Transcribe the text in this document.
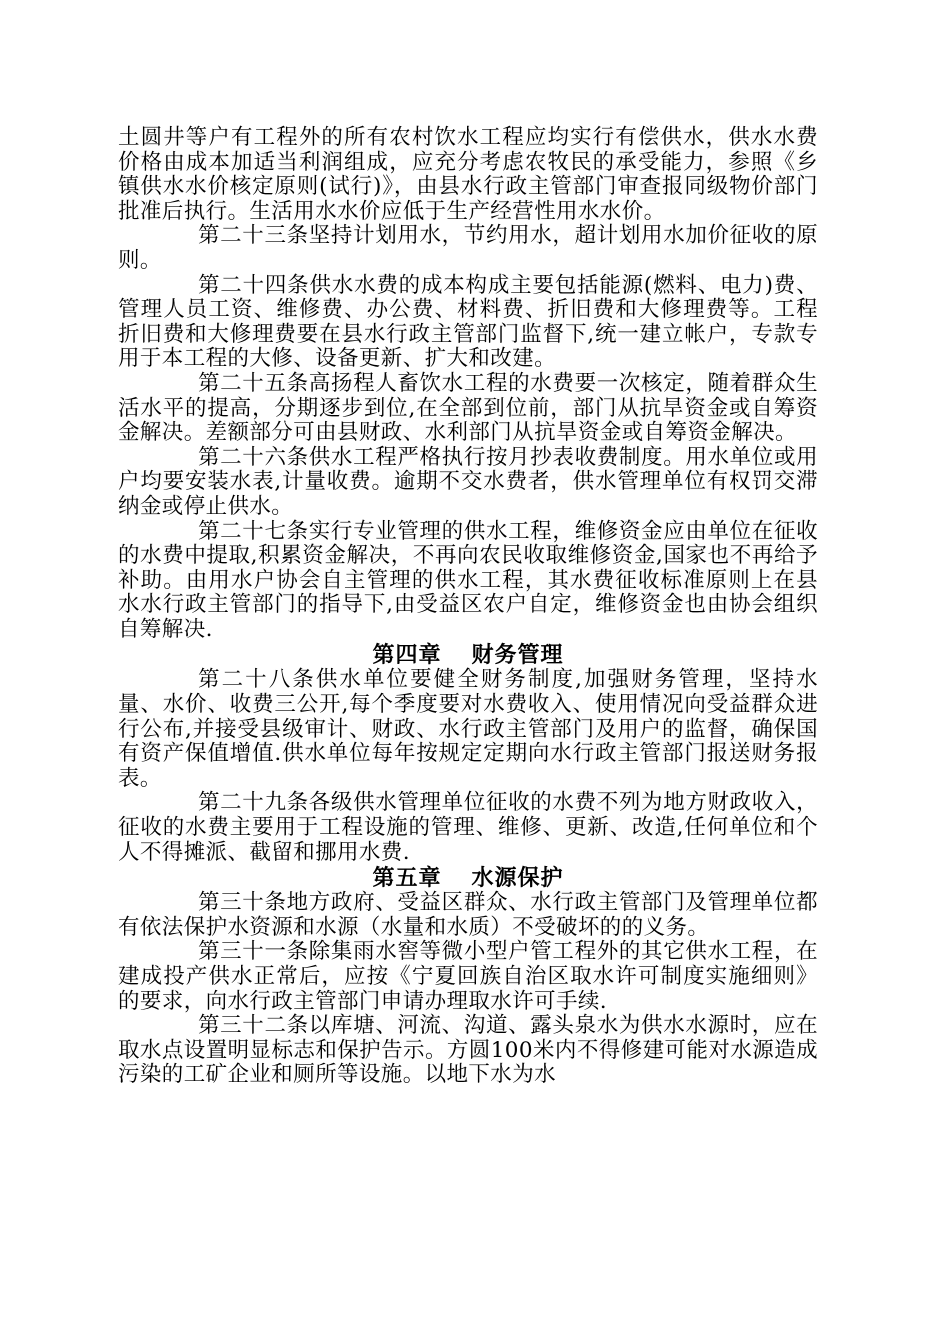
土圆井等户有工程外的所有农村饮水工程应均实行有偿供水，供水水费价格由成本加适当利润组成，应充分考虑农牧民的承受能力，参照《乡镇供水水价核定原则(试行)》，由县水行政主管部门审查报同级物价部门批准后执行。生活用水水价应低于生产经营性用水水价。

第二十三条坚持计划用水，节约用水，超计划用水加价征收的原则。

第二十四条供水水费的成本构成主要包括能源(燃料、电力)费、管理人员工资、维修费、办公费、材料费、折旧费和大修理费等。工程折旧费和大修理费要在县水行政主管部门监督下,统一建立帐户，专款专用于本工程的大修、设备更新、扩大和改建。

第二十五条高扬程人畜饮水工程的水费要一次核定，随着群众生活水平的提高，分期逐步到位,在全部到位前，部门从抗旱资金或自筹资金解决。差额部分可由县财政、水利部门从抗旱资金或自筹资金解决。

第二十六条供水工程严格执行按月抄表收费制度。用水单位或用户均要安装水表,计量收费。逾期不交水费者，供水管理单位有权罚交滞纳金或停止供水。

第二十七条实行专业管理的供水工程，维修资金应由单位在征收的水费中提取,积累资金解决，不再向农民收取维修资金,国家也不再给予补助。由用水户协会自主管理的供水工程，其水费征收标准原则上在县水水行政主管部门的指导下,由受益区农户自定，维修资金也由协会组织自筹解决.

第四章 财务管理

第二十八条供水单位要健全财务制度,加强财务管理，坚持水量、水价、收费三公开,每个季度要对水费收入、使用情况向受益群众进行公布,并接受县级审计、财政、水行政主管部门及用户的监督，确保国有资产保值增值.供水单位每年按规定定期向水行政主管部门报送财务报表。

第二十九条各级供水管理单位征收的水费不列为地方财政收入，征收的水费主要用于工程设施的管理、维修、更新、改造,任何单位和个人不得摊派、截留和挪用水费.

第五章 水源保护

第三十条地方政府、受益区群众、水行政主管部门及管理单位都有依法保护水资源和水源（水量和水质）不受破坏的的义务。

第三十一条除集雨水窖等微小型户管工程外的其它供水工程，在建成投产供水正常后，应按《宁夏回族自治区取水许可制度实施细则》的要求，向水行政主管部门申请办理取水许可手续.

第三十二条以库塘、河流、沟道、露头泉水为供水水源时，应在取水点设置明显标志和保护告示。方圆100米内不得修建可能对水源造成污染的工矿企业和厕所等设施。以地下水为水
